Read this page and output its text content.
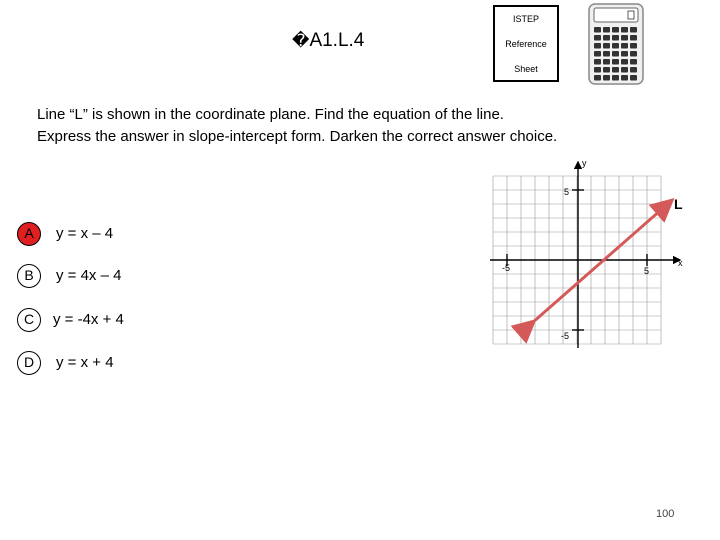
�A1.L.4
ISTEP
Reference
Sheet
Line “L” is shown in the coordinate plane. Find the equation of the line.
Express the answer in slope-intercept form. Darken the correct answer choice.
A	y = x – 4
B	y = 4x – 4
C	y = -4x + 4
D	y = x + 4
y
x
L
5
-5
5
-5
100
